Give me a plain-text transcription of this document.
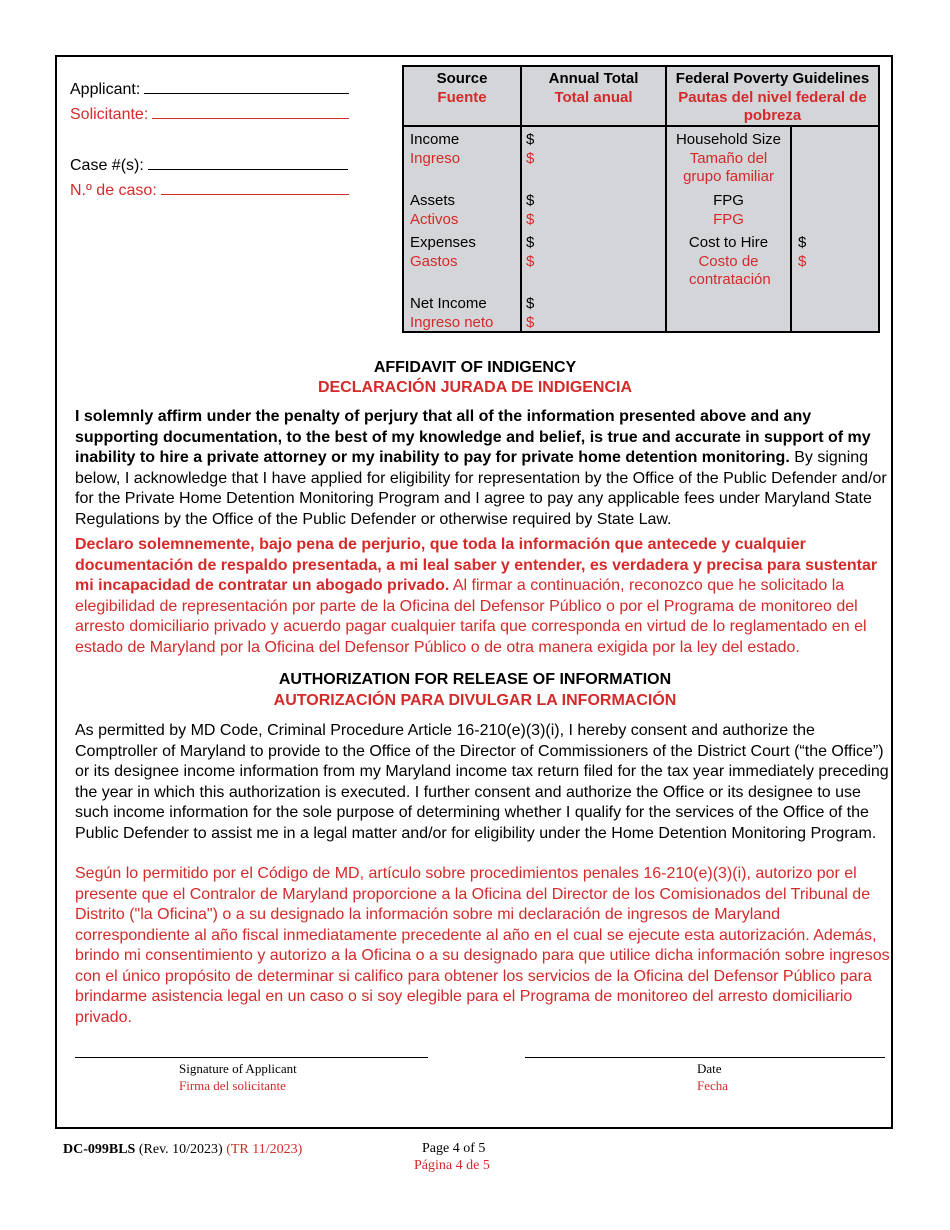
Applicant:
Solicitante:
Case #(s):
N.º de caso:
Source
Fuente
Annual Total
Total anual
Federal Poverty Guidelines
Pautas del nivel federal de pobreza
Income
Ingreso
Assets
Activos
Expenses
Gastos
Net Income
Ingreso neto
$
$
$
$
$
$
$
$
Household Size
Tamaño del grupo familiar
FPG
FPG
Cost to Hire
Costo de contratación
$
$
AFFIDAVIT OF INDIGENCY
DECLARACIÓN JURADA DE INDIGENCIA
I solemnly affirm under the penalty of perjury that all of the information presented above and any supporting documentation, to the best of my knowledge and belief, is true and accurate in support of my inability to hire a private attorney or my inability to pay for private home detention monitoring. By signing below, I acknowledge that I have applied for eligibility for representation by the Office of the Public Defender and/or for the Private Home Detention Monitoring Program and I agree to pay any applicable fees under Maryland State Regulations by the Office of the Public Defender or otherwise required by State Law.
Declaro solemnemente, bajo pena de perjurio, que toda la información que antecede y cualquier documentación de respaldo presentada, a mi leal saber y entender, es verdadera y precisa para sustentar mi incapacidad de contratar un abogado privado. Al firmar a continuación, reconozco que he solicitado la elegibilidad de representación por parte de la Oficina del Defensor Público o por el Programa de monitoreo del arresto domiciliario privado y acuerdo pagar cualquier tarifa que corresponda en virtud de lo reglamentado en el estado de Maryland por la Oficina del Defensor Público o de otra manera exigida por la ley del estado.
AUTHORIZATION FOR RELEASE OF INFORMATION
AUTORIZACIÓN PARA DIVULGAR LA INFORMACIÓN
As permitted by MD Code, Criminal Procedure Article 16-210(e)(3)(i), I hereby consent and authorize the Comptroller of Maryland to provide to the Office of the Director of Commissioners of the District Court (“the Office”) or its designee income information from my Maryland income tax return filed for the tax year immediately preceding the year in which this authorization is executed. I further consent and authorize the Office or its designee to use such income information for the sole purpose of determining whether I qualify for the services of the Office of the Public Defender to assist me in a legal matter and/or for eligibility under the Home Detention Monitoring Program.
Según lo permitido por el Código de MD, artículo sobre procedimientos penales 16-210(e)(3)(i), autorizo por el presente que el Contralor de Maryland proporcione a la Oficina del Director de los Comisionados del Tribunal de Distrito ("la Oficina") o a su designado la información sobre mi declaración de ingresos de Maryland correspondiente al año fiscal inmediatamente precedente al año en el cual se ejecute esta autorización. Además, brindo mi consentimiento y autorizo a la Oficina o a su designado para que utilice dicha información sobre ingresos con el único propósito de determinar si califico para obtener los servicios de la Oficina del Defensor Público para brindarme asistencia legal en un caso o si soy elegible para el Programa de monitoreo del arresto domiciliario privado.
Signature of Applicant
Firma del solicitante
Date
Fecha
DC-099BLS (Rev. 10/2023) (TR 11/2023)	Page 4 of 5
Página 4 de 5
